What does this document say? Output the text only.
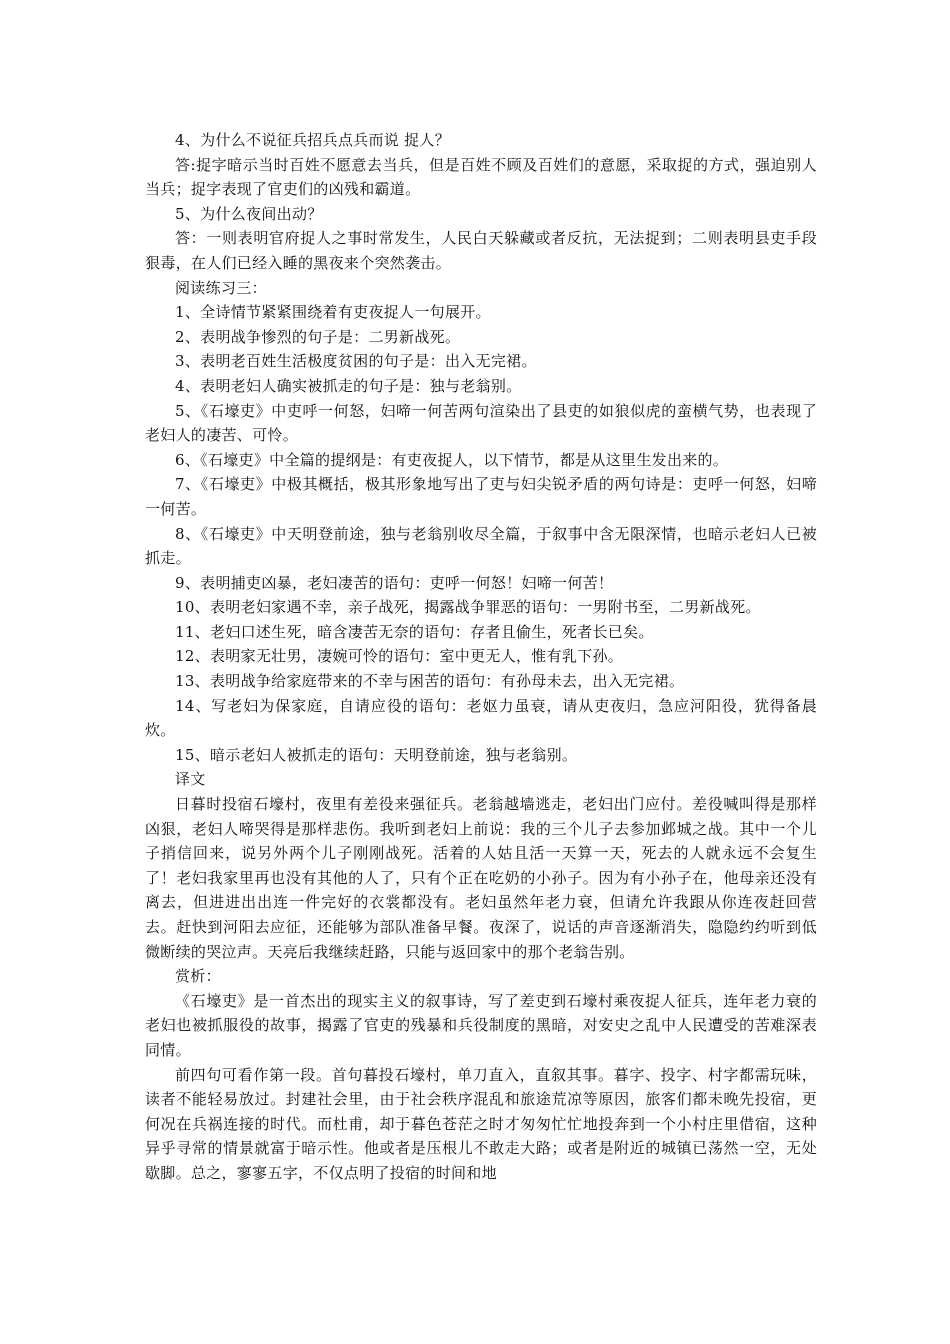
4、为什么不说征兵招兵点兵而说 捉人？

答:捉字暗示当时百姓不愿意去当兵，但是百姓不顾及百姓们的意愿，采取捉的方式，强迫别人当兵；捉字表现了官吏们的凶残和霸道。

5、为什么夜间出动？

答：一则表明官府捉人之事时常发生，人民白天躲藏或者反抗，无法捉到；二则表明县吏手段狠毒，在人们已经入睡的黑夜来个突然袭击。

阅读练习三：

1、全诗情节紧紧围绕着有吏夜捉人一句展开。

2、表明战争惨烈的句子是：二男新战死。

3、表明老百姓生活极度贫困的句子是：出入无完裙。

4、表明老妇人确实被抓走的句子是：独与老翁别。

5、《石壕吏》中吏呼一何怒，妇啼一何苦两句渲染出了县吏的如狼似虎的蛮横气势，也表现了老妇人的凄苦、可怜。

6、《石壕吏》中全篇的提纲是：有吏夜捉人，以下情节，都是从这里生发出来的。

7、《石壕吏》中极其概括，极其形象地写出了吏与妇尖锐矛盾的两句诗是：吏呼一何怒，妇啼一何苦。

8、《石壕吏》中天明登前途，独与老翁别收尽全篇，于叙事中含无限深情，也暗示老妇人已被抓走。

9、表明捕吏凶暴，老妇凄苦的语句：吏呼一何怒！妇啼一何苦！

10、表明老妇家遇不幸，亲子战死，揭露战争罪恶的语句：一男附书至，二男新战死。

11、老妇口述生死，暗含凄苦无奈的语句：存者且偷生，死者长已矣。

12、表明家无壮男，凄婉可怜的语句：室中更无人，惟有乳下孙。

13、表明战争给家庭带来的不幸与困苦的语句：有孙母未去，出入无完裙。

14、写老妇为保家庭，自请应役的语句：老妪力虽衰，请从吏夜归，急应河阳役，犹得备晨炊。

15、暗示老妇人被抓走的语句：天明登前途，独与老翁别。

译文

日暮时投宿石壕村，夜里有差役来强征兵。老翁越墙逃走，老妇出门应付。差役喊叫得是那样凶狠，老妇人啼哭得是那样悲伤。我听到老妇上前说：我的三个儿子去参加邺城之战。其中一个儿子捎信回来，说另外两个儿子刚刚战死。活着的人姑且活一天算一天，死去的人就永远不会复生了！老妇我家里再也没有其他的人了，只有个正在吃奶的小孙子。因为有小孙子在，他母亲还没有离去，但进进出出连一件完好的衣裳都没有。老妇虽然年老力衰，但请允许我跟从你连夜赶回营去。赶快到河阳去应征，还能够为部队准备早餐。夜深了，说话的声音逐渐消失，隐隐约约听到低微断续的哭泣声。天亮后我继续赶路，只能与返回家中的那个老翁告别。

赏析：

《石壕吏》是一首杰出的现实主义的叙事诗，写了差吏到石壕村乘夜捉人征兵，连年老力衰的老妇也被抓服役的故事，揭露了官吏的残暴和兵役制度的黑暗，对安史之乱中人民遭受的苦难深表同情。

前四句可看作第一段。首句暮投石壕村，单刀直入，直叙其事。暮字、投字、村字都需玩味，读者不能轻易放过。封建社会里，由于社会秩序混乱和旅途荒凉等原因，旅客们都未晚先投宿，更何况在兵祸连接的时代。而杜甫，却于暮色苍茫之时才匆匆忙忙地投奔到一个小村庄里借宿，这种异乎寻常的情景就富于暗示性。他或者是压根儿不敢走大路；或者是附近的城镇已荡然一空，无处歇脚。总之，寥寥五字，不仅点明了投宿的时间和地
